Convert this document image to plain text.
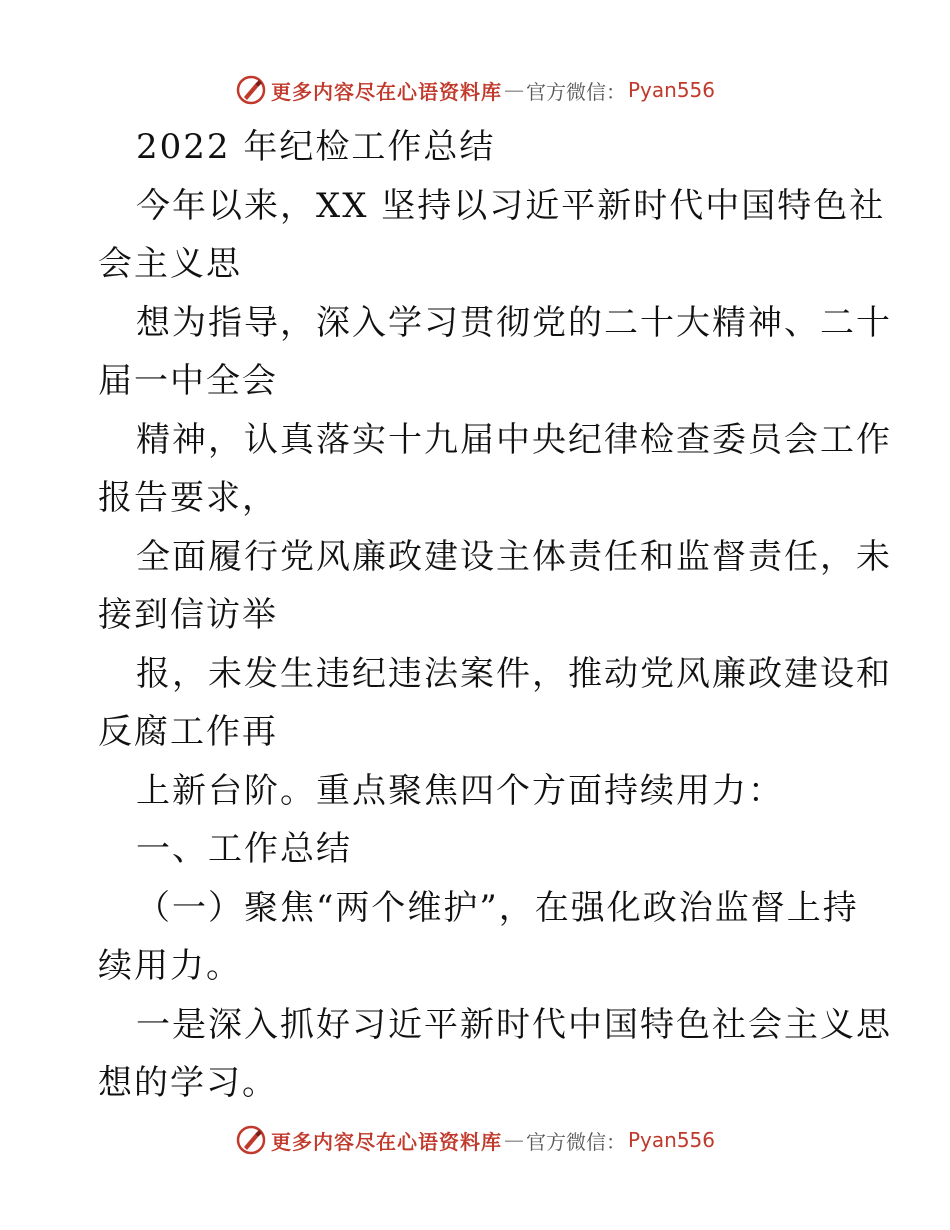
更多内容尽在心语资料库 — 官方微信： Pyan556
2022 年纪检工作总结
今年以来，XX 坚持以习近平新时代中国特色社
会主义思
想为指导，深入学习贯彻党的二十大精神、二十
届一中全会
精神，认真落实十九届中央纪律检查委员会工作
报告要求，
全面履行党风廉政建设主体责任和监督责任，未
接到信访举
报，未发生违纪违法案件，推动党风廉政建设和
反腐工作再
上新台阶。重点聚焦四个方面持续用力：
一、工作总结
（一）聚焦“两个维护”，在强化政治监督上持
续用力。
一是深入抓好习近平新时代中国特色社会主义思
想的学习。
更多内容尽在心语资料库 — 官方微信： Pyan556
